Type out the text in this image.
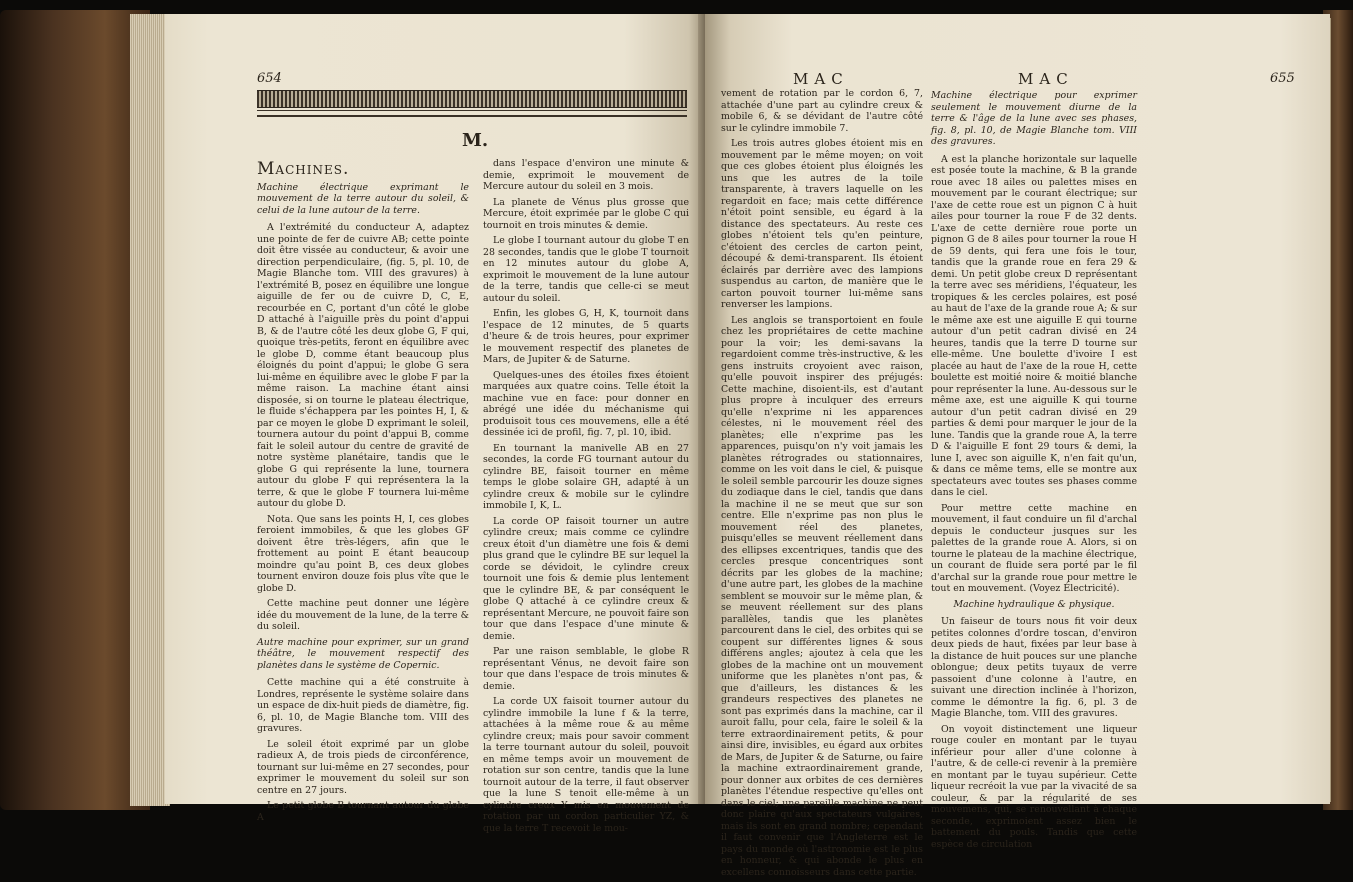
654
M.
Machines.

Machine électrique exprimant le mouvement de la terre autour du soleil, & celui de la lune autour de la terre.

A l'extrémité du conducteur A, adaptez une pointe de fer de cuivre AB; cette pointe doit être vissée au conducteur, & avoir une direction perpendiculaire, (fig. 5, pl. 10, de Magie Blanche tom. VIII des gravures) à l'extrémité B, posez en équilibre une longue aiguille de fer ou de cuivre D, C, E, recourbée en C, portant d'un côté le globe D attaché à l'aiguille près du point d'appui B, & de l'autre côté les deux globe G, F qui, quoique très-petits, feront en équilibre avec le globe D, comme étant beaucoup plus éloignés du point d'appui; le globe G sera lui-même en équilibre avec le globe F par la même raison. La machine étant ainsi disposée, si on tourne le plateau électrique, le fluide s'échappera par les pointes H, I, & par ce moyen le globe D exprimant le soleil, tournera autour du point d'appui B, comme fait le soleil autour du centre de gravité de notre système planétaire, tandis que le globe G qui représente la lune, tournera autour du globe F qui représentera la la terre, & que le globe F tournera lui-même autour du globe D.

Nota. Que sans les points H, I, ces globes feroient immobiles, & que les globes GF doivent être très-légers, afin que le frottement au point E étant beaucoup moindre qu'au point B, ces deux globes tournent environ douze fois plus vîte que le globe D.

Cette machine peut donner une légère idée du mouvement de la lune, de la terre & du soleil.

Autre machine pour exprimer, sur un grand théâtre, le mouvement respectif des planètes dans le système de Copernic.

Cette machine qui a été construite à Londres, représente le système solaire dans un espace de dix-huit pieds de diamètre, fig. 6, pl. 10, de Magie Blanche tom. VIII des gravures.

Le soleil étoit exprimé par un globe radieux A, de trois pieds de circonférence, tournant sur lui-même en 27 secondes, pour exprimer le mouvement du soleil sur son centre en 27 jours.

Le petit globe B tournant autour du globe A

dans l'espace d'environ une minute & demie, exprimoit le mouvement de Mercure autour du soleil en 3 mois.

La planete de Vénus plus grosse que Mercure, étoit exprimée par le globe C qui tournoit en trois minutes & demie.

Le globe I tournant autour du globe T en 28 secondes, tandis que le globe T tournoit en 12 minutes autour du globe A, exprimoit le mouvement de la lune autour de la terre, tandis que celle-ci se meut autour du soleil.

Enfin, les globes G, H, K, tournoit dans l'espace de 12 minutes, de 5 quarts d'heure & de trois heures, pour exprimer le mouvement respectif des planetes de Mars, de Jupiter & de Saturne.

Quelques-unes des étoiles fixes étoient marquées aux quatre coins. Telle étoit la machine vue en face: pour donner en abrégé une idée du méchanisme qui produisoit tous ces mouvemens, elle a été dessinée ici de profil, fig. 7, pl. 10, ibid.

En tournant la manivelle AB en 27 secondes, la corde FG tournant autour du cylindre BE, faisoit tourner en même temps le globe solaire GH, adapté à un cylindre creux & mobile sur le cylindre immobile I, K, L.

La corde OP faisoit tourner un autre cylindre creux; mais comme ce cylindre creux étoit d'un diamètre une fois & demi plus grand que le cylindre BE sur lequel la corde se dévidoit, le cylindre creux tournoit une fois & demie plus lentement que le cylindre BE, & par conséquent le globe Q attaché à ce cylindre creux & représentant Mercure, ne pouvoit faire son tour que dans l'espace d'une minute & demie.

Par une raison semblable, le globe R représentant Vénus, ne devoit faire son tour que dans l'espace de trois minutes & demie.

La corde UX faisoit tourner autour du cylindre immobile la lune f & la terre, attachées à la même roue & au même cylindre creux; mais pour savoir comment la terre tournant autour du soleil, pouvoit en même temps avoir un mouvement de rotation sur son centre, tandis que la lune tournoit autour de la terre, il faut observer que la lune S tenoit elle-même à un cylindre creux Y mis en mouvement de rotation par un cordon particulier YZ, & que la terre T recevoit le mou-

MAC	MAC	655

vement de rotation par le cordon 6, 7, attachée d'une part au cylindre creux & mobile 6, & se dévidant de l'autre côté sur le cylindre immobile 7.

Les trois autres globes étoient mis en mouvement par le même moyen; on voit que ces globes étoient plus éloignés les uns que les autres de la toile transparente, à travers laquelle on les regardoit en face; mais cette différence n'étoit point sensible, eu égard à la distance des spectateurs. Au reste ces globes n'étoient tels qu'en peinture, c'étoient des cercles de carton peint, découpé & demi-transparent. Ils étoient éclairés par derrière avec des lampions suspendus au carton, de manière que le carton pouvoit tourner lui-même sans renverser les lampions.

Les anglois se transportoient en foule chez les propriétaires de cette machine pour la voir; les demi-savans la regardoient comme très-instructive, & les gens instruits croyoient avec raison, qu'elle pouvoit inspirer des préjugés: Cette machine, disoient-ils, est d'autant plus propre à inculquer des erreurs qu'elle n'exprime ni les apparences célestes, ni le mouvement réel des planètes; elle n'exprime pas les apparences, puisqu'on n'y voit jamais les planètes rétrogrades ou stationnaires, comme on les voit dans le ciel, & puisque le soleil semble parcourir les douze signes du zodiaque dans le ciel, tandis que dans la machine il ne se meut que sur son centre. Elle n'exprime pas non plus le mouvement réel des planetes, puisqu'elles se meuvent réellement dans des ellipses excentriques, tandis que des cercles presque concentriques sont décrits par les globes de la machine; d'une autre part, les globes de la machine semblent se mouvoir sur le même plan, & se meuvent réellement sur des plans parallèles, tandis que les planètes parcourent dans le ciel, des orbites qui se coupent sur différentes lignes & sous différens angles; ajoutez à cela que les globes de la machine ont un mouvement uniforme que les planètes n'ont pas, & que d'ailleurs, les distances & les grandeurs respectives des planetes ne sont pas exprimés dans la machine, car il auroit fallu, pour cela, faire le soleil & la terre extraordinairement petits, & pour ainsi dire, invisibles, eu égard aux orbites de Mars, de Jupiter & de Saturne, ou faire la machine extraordinairement grande, pour donner aux orbites de ces dernières planètes l'étendue respective qu'elles ont dans le ciel; une pareille machine ne peut donc plaire qu'aux spectateurs vulgaires, mais ils sont en grand nombre; cependant il faut convenir que l'Angleterre est le pays du monde où l'astronomie est le plus en honneur, & qui abonde le plus en excellens connoisseurs dans cette partie.

Machine électrique pour exprimer seulement le mouvement diurne de la terre & l'âge de la lune avec ses phases, fig. 8, pl. 10, de Magie Blanche tom. VIII des gravures.

A est la planche horizontale sur laquelle est posée toute la machine, & B la grande roue avec 18 ailes ou palettes mises en mouvement par le courant électrique; sur l'axe de cette roue est un pignon C à huit ailes pour tourner la roue F de 32 dents. L'axe de cette dernière roue porte un pignon G de 8 ailes pour tourner la roue H de 59 dents, qui fera une fois le tour, tandis que la grande roue en fera 29 & demi. Un petit globe creux D représentant la terre avec ses méridiens, l'équateur, les tropiques & les cercles polaires, est posé au haut de l'axe de la grande roue A; & sur le même axe est une aiguille E qui tourne autour d'un petit cadran divisé en 24 heures, tandis que la terre D tourne sur elle-même. Une boulette d'ivoire I est placée au haut de l'axe de la roue H, cette boulette est moitié noire & moitié blanche pour représenter la lune. Au-dessous sur le même axe, est une aiguille K qui tourne autour d'un petit cadran divisé en 29 parties & demi pour marquer le jour de la lune. Tandis que la grande roue A, la terre D & l'aiguille E font 29 tours & demi, la lune I, avec son aiguille K, n'en fait qu'un, & dans ce même tems, elle se montre aux spectateurs avec toutes ses phases comme dans le ciel.

Pour mettre cette machine en mouvement, il faut conduire un fil d'archal depuis le conducteur jusques sur les palettes de la grande roue A. Alors, si on tourne le plateau de la machine électrique, un courant de fluide sera porté par le fil d'archal sur la grande roue pour mettre le tout en mouvement. (Voyez Électricité).

Machine hydraulique & physique.

Un faiseur de tours nous fit voir deux petites colonnes d'ordre toscan, d'environ deux pieds de haut, fixées par leur base à la distance de huit pouces sur une planche oblongue; deux petits tuyaux de verre passoient d'une colonne à l'autre, en suivant une direction inclinée à l'horizon, comme le démontre la fig. 6, pl. 3 de Magie Blanche, tom. VIII des gravures.

On voyoit distinctement une liqueur rouge couler en montant par le tuyau inférieur pour aller d'une colonne à l'autre, & de celle-ci revenir à la première en montant par le tuyau supérieur. Cette liqueur recréoit la vue par la vivacité de sa couleur, & par la régularité de ses mouvemens, qui, se renouvellant à chaque seconde, exprimoient assez bien le battement du pouls. Tandis que cette espèce de circulation
